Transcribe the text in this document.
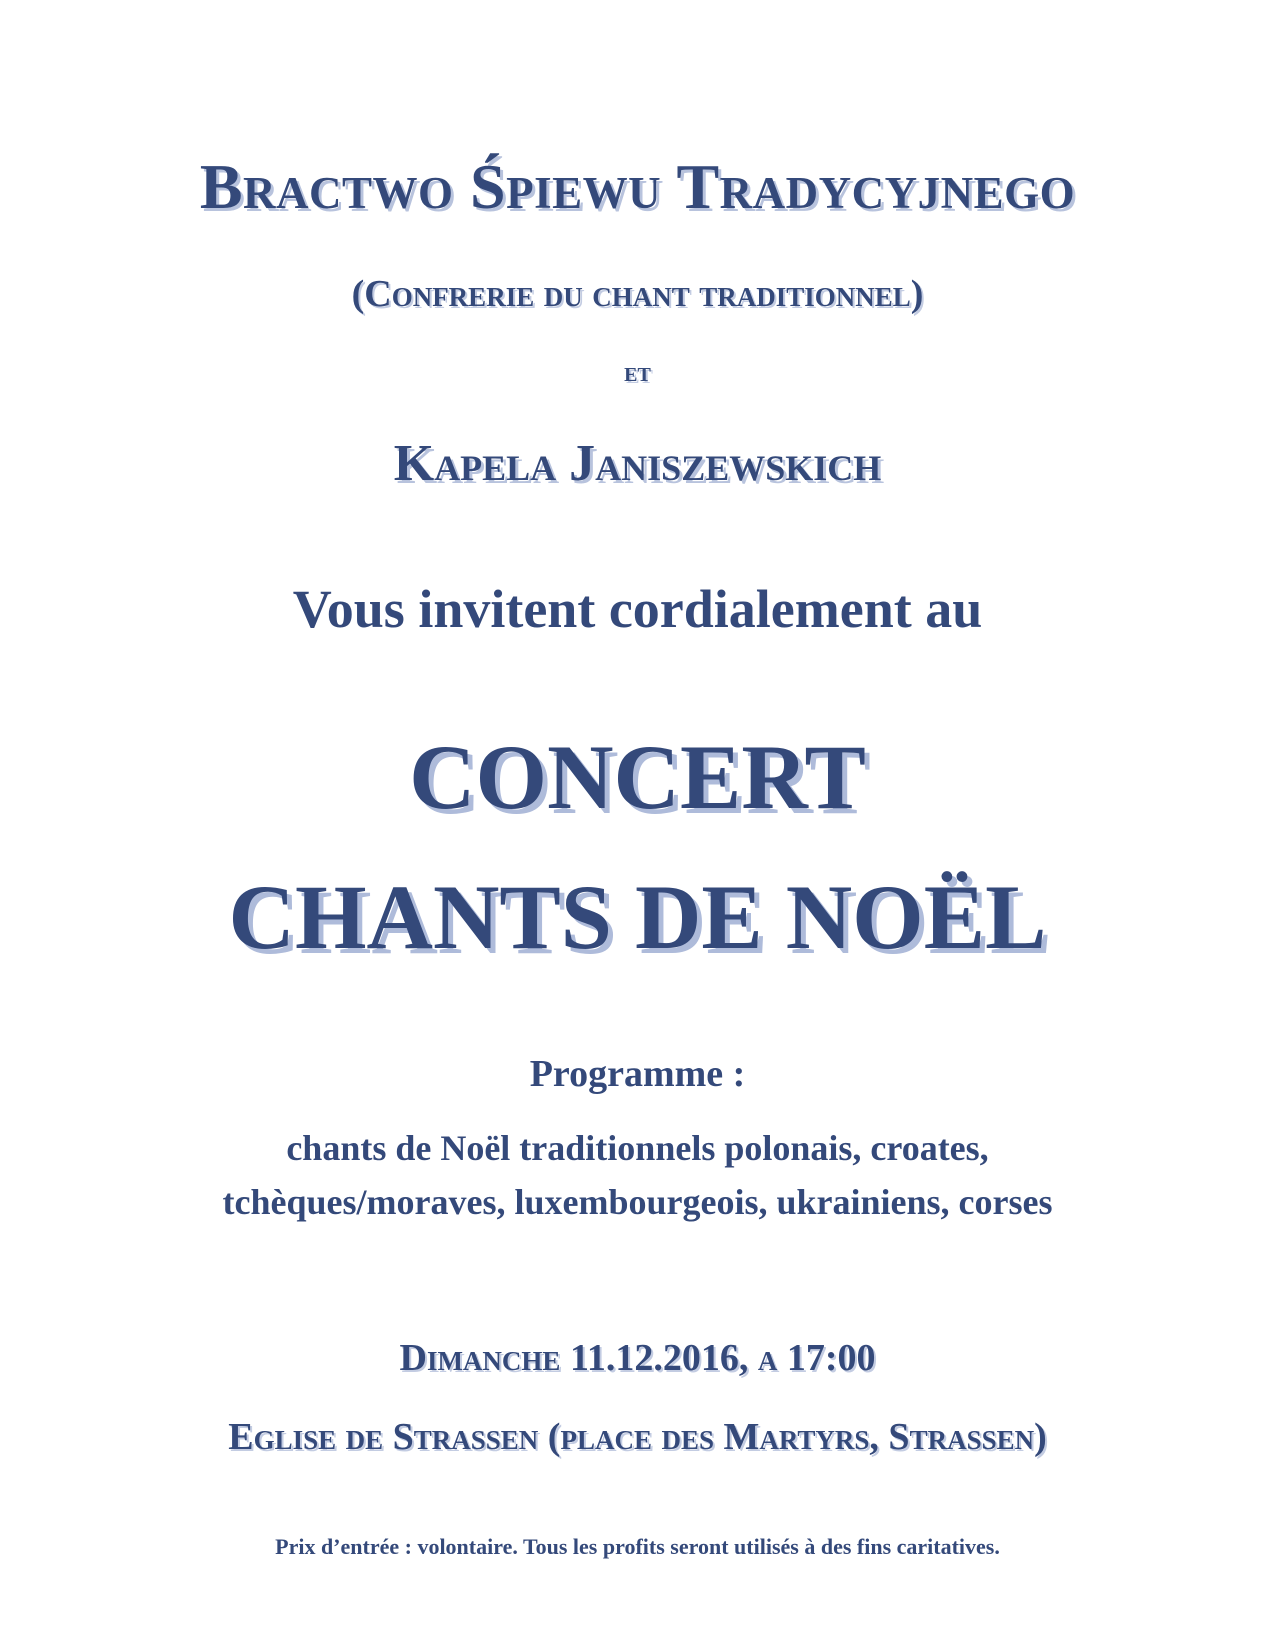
Bractwo Śpiewu Tradycyjnego
(Confrerie du chant traditionnel)
et
Kapela Janiszewskich
Vous invitent cordialement au
CONCERT
CHANTS DE NOËL
Programme :
chants de Noël traditionnels polonais, croates,
tchèques/moraves, luxembourgeois, ukrainiens, corses
Dimanche 11.12.2016, a 17:00
Eglise de Strassen (place des Martyrs, Strassen)
Prix d’entrée : volontaire. Tous les profits seront utilisés à des fins caritatives.
